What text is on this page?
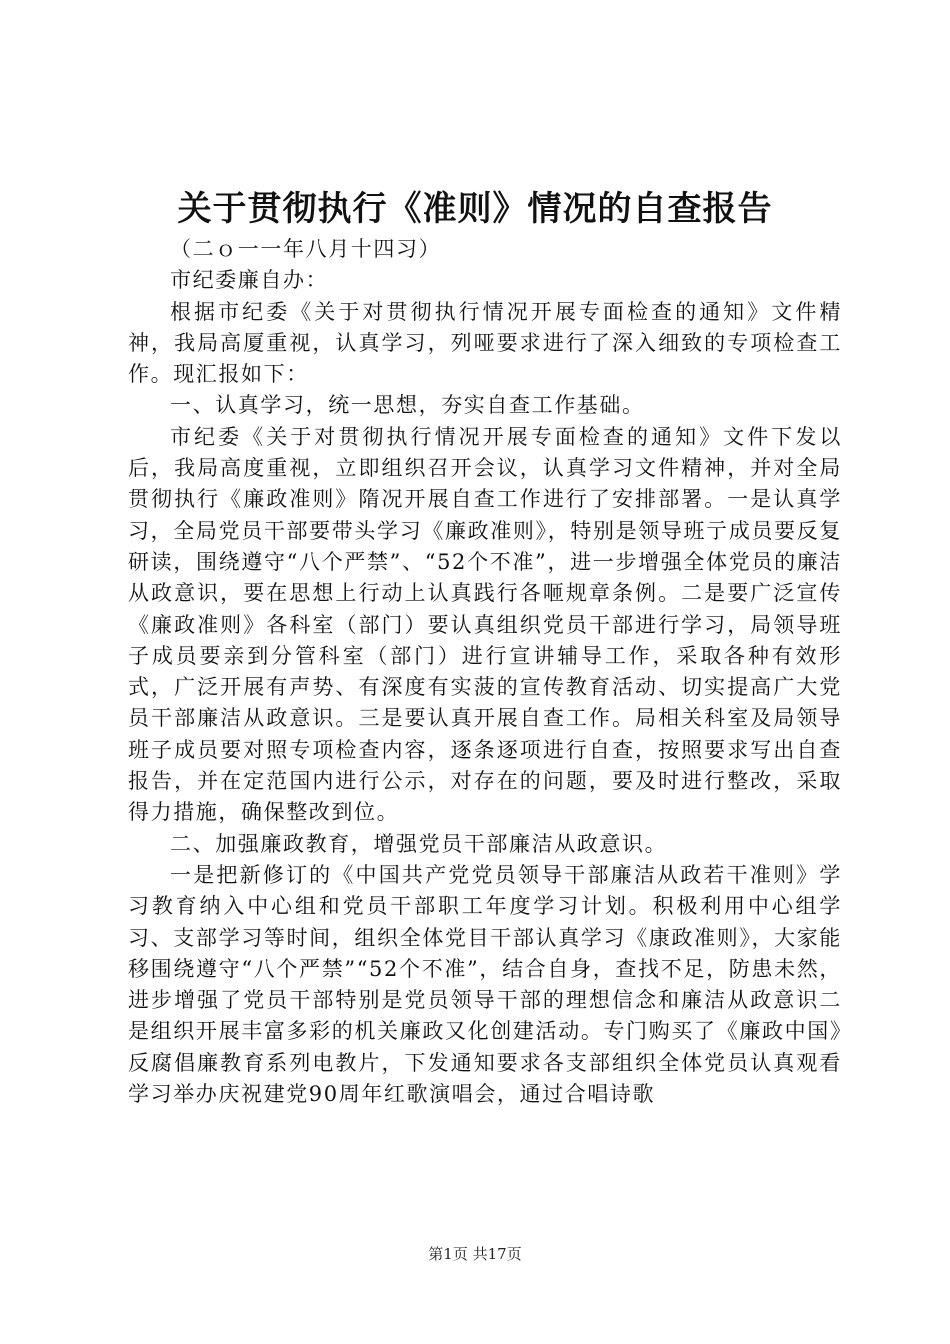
关于贯彻执行《准则》情况的自查报告

（二ｏ一一年八月十四习）

市纪委廉自办：

根据市纪委《关于对贯彻执行情况开展专面检查的通知》文件精神，我局高厦重视，认真学习，列哑要求进行了深入细致的专项检查工作。现汇报如下：

一、认真学习，统一思想，夯实自查工作基础。

市纪委《关于对贯彻执行情况开展专面检查的通知》文件下发以后，我局高度重视，立即组织召开会议，认真学习文件精神，并对全局贯彻执行《廉政准则》隋况开展自查工作进行了安排部署。一是认真学习，全局党员干部要带头学习《廉政准则》，特别是领导班亍成员要反复研读，围绕遵守“八个严禁”、“52个不准”，进一步增强全体党员的廉洁从政意识，要在思想上行动上认真践行各咂规章条例。二是要广泛宣传《廉政准则》各科室（部门）要认真组织党员干部进行学习，局领导班子成员要亲到分管科室（部门）进行宣讲辅导工作，采取各种有效形式，广泛开展有声势、有深度有实菠的宣传教育活动、切实提高广大党员干部廉洁从政意识。三是要认真开展自查工作。局相关科室及局领导班子成员要对照专项检查内容，逐条逐项进行自查，按照要求写出自查报告，并在定范国内进行公示，对存在的问题，要及时进行整改，采取得力措施，确保整改到位。

二、加强廉政教育，增强党员干部廉洁从政意识。

一是把新修订的《中国共产党党员领导干部廉洁从政若干准则》学习教育纳入中心组和党员干部职工年度学习计划。积极利用中心组学习、支部学习等时间，组织全体党目干部认真学习《康政准则》，大家能移围绕遵守“八个严禁”“52个不准”，结合自身，查找不足，防患未然，进步增强了党员干部特别是党员领导干部的理想信念和廉洁从政意识二是组织开展丰富多彩的机关廉政又化创建活动。专门购买了《廉政中国》反腐倡廉教育系列电教片，下发通知要求各支部组织全体党员认真观看学习举办庆祝建党90周年红歌演唱会，通过合唱诗歌

第1页 共17页
